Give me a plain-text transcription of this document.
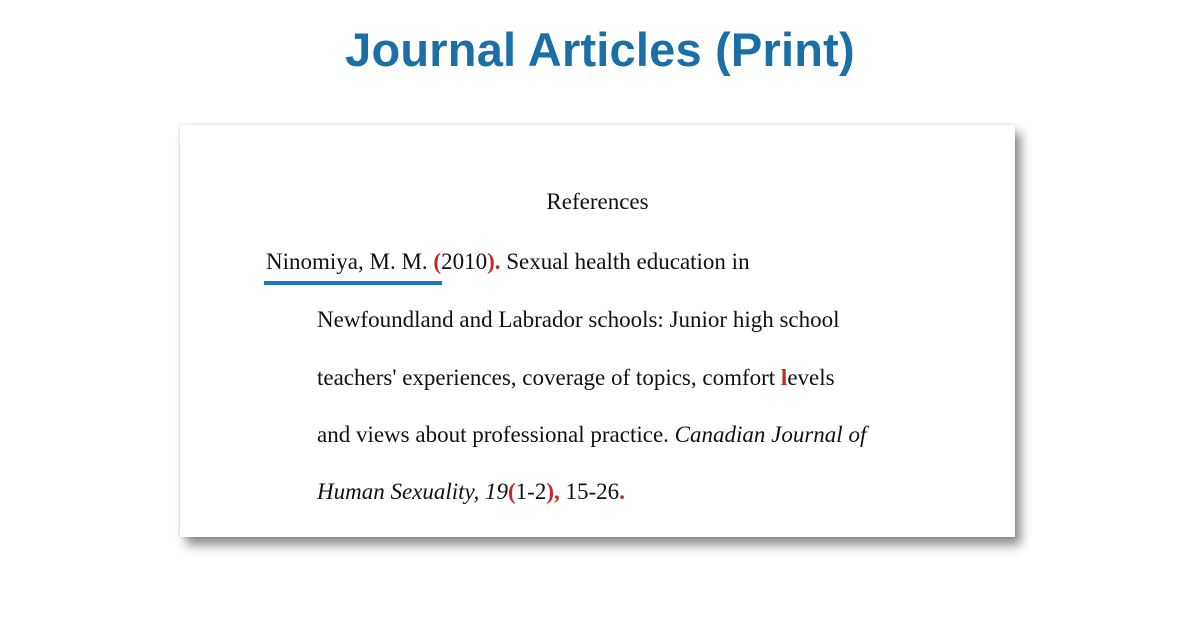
Journal Articles (Print)
References
Ninomiya, M. M. (2010). Sexual health education in
Newfoundland and Labrador schools: Junior high school
teachers' experiences, coverage of topics, comfort levels
and views about professional practice. Canadian Journal of
Human Sexuality, 19(1-2), 15-26.
